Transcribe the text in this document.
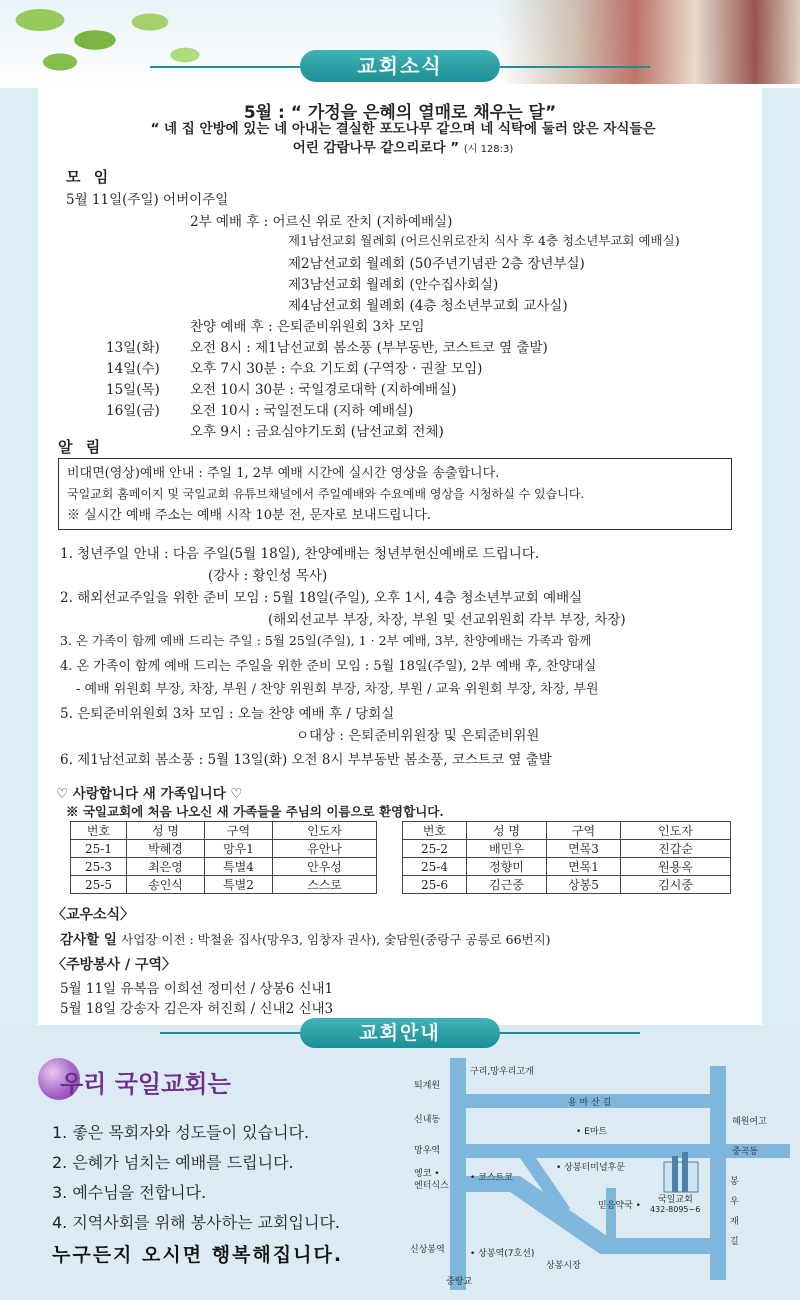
교회소식
5월 : “ 가정을 은혜의 열매로 채우는 달”
“ 네 집 안방에 있는 네 아내는 결실한 포도나무 같으며 네 식탁에 둘러 앉은 자식들은
어린 감람나무 같으리로다 ” (시 128:3)
모 임
5월 11일(주일) 어버이주일
2부 예배 후 : 어르신 위로 잔치 (지하예배실)
제1남선교회 월례회 (어르신위로잔치 식사 후 4층 청소년부교회 예배실)
제2남선교회 월례회 (50주년기념관 2층 장년부실)
제3남선교회 월례회 (안수집사회실)
제4남선교회 월례회 (4층 청소년부교회 교사실)
찬양 예배 후 : 은퇴준비위원회 3차 모임
13일(화) 오전 8시 : 제1남선교회 봄소풍 (부부동반, 코스트코 옆 출발)
14일(수) 오후 7시 30분 : 수요 기도회 (구역장 · 권찰 모임)
15일(목) 오전 10시 30분 : 국일경로대학 (지하예배실)
16일(금) 오전 10시 : 국일전도대 (지하 예배실)
오후 9시 : 금요심야기도회 (남선교회 전체)
알 림
비대면(영상)예배 안내 : 주일 1, 2부 예배 시간에 실시간 영상을 송출합니다.
국일교회 홈페이지 및 국일교회 유튜브채널에서 주일예배와 수요예배 영상을 시청하실 수 있습니다.
※ 실시간 예배 주소는 예배 시작 10분 전, 문자로 보내드립니다.
1. 청년주일 안내 : 다음 주일(5월 18일), 찬양예배는 청년부헌신예배로 드립니다.
(강사 : 황인성 목사)
2. 해외선교주일을 위한 준비 모임 : 5월 18일(주일), 오후 1시, 4층 청소년부교회 예배실
(해외선교부 부장, 차장, 부원 및 선교위원회 각부 부장, 차장)
3. 온 가족이 함께 예배 드리는 주일 : 5월 25일(주일), 1 · 2부 예배, 3부, 찬양예배는 가족과 함께
4. 온 가족이 함께 예배 드리는 주일을 위한 준비 모임 : 5월 18일(주일), 2부 예배 후, 찬양대실
- 예배 위원회 부장, 차장, 부원 / 찬양 위원회 부장, 차장, 부원 / 교육 위원회 부장, 차장, 부원
5. 은퇴준비위원회 3차 모임 : 오늘 찬양 예배 후 / 당회실
ㅇ대상 : 은퇴준비위원장 및 은퇴준비위원
6. 제1남선교회 봄소풍 : 5월 13일(화) 오전 8시 부부동반 봄소풍, 코스트코 옆 출발
♡ 사랑합니다 새 가족입니다 ♡
※ 국일교회에 처음 나오신 새 가족들을 주님의 이름으로 환영합니다.
번호	성 명	구역	인도자
25-1	박혜경	망우1	유안나
25-3	최은영	특별4	안우성
25-5	송인식	특별2	스스로
번호	성 명	구역	인도자
25-2	배민우	면목3	진갑순
25-4	정향미	면목1	원용옥
25-6	김근중	상봉5	김시중
〈교우소식〉
감사할 일 사업장 이전 : 박철윤 집사(망우3, 임창자 권사), 숯담원(중랑구 공릉로 66번지)
〈주방봉사 / 구역〉
5월 11일 유복음 이희선 정미선 / 상봉6 신내1
5월 18일 강송자 김은자 허진희 / 신내2 신내3
교회안내
우리 국일교회는
1. 좋은 목회자와 성도들이 있습니다.
2. 은혜가 넘치는 예배를 드립니다.
3. 예수님을 전합니다.
4. 지역사회를 위해 봉사하는 교회입니다.
누구든지 오시면 행복해집니다.
퇴계원
구리,망우리고개
용 마 산 길
신내동
• E마트
혜원여고
망우역	중곡동
엥코 •
엔터식스
• 코스트코
• 상봉터미널후문
믿음약국 •
국일교회
432-8095~6
봉
우
재
길
상봉시장
신상봉역	• 상봉역(7호선)
중랑교
